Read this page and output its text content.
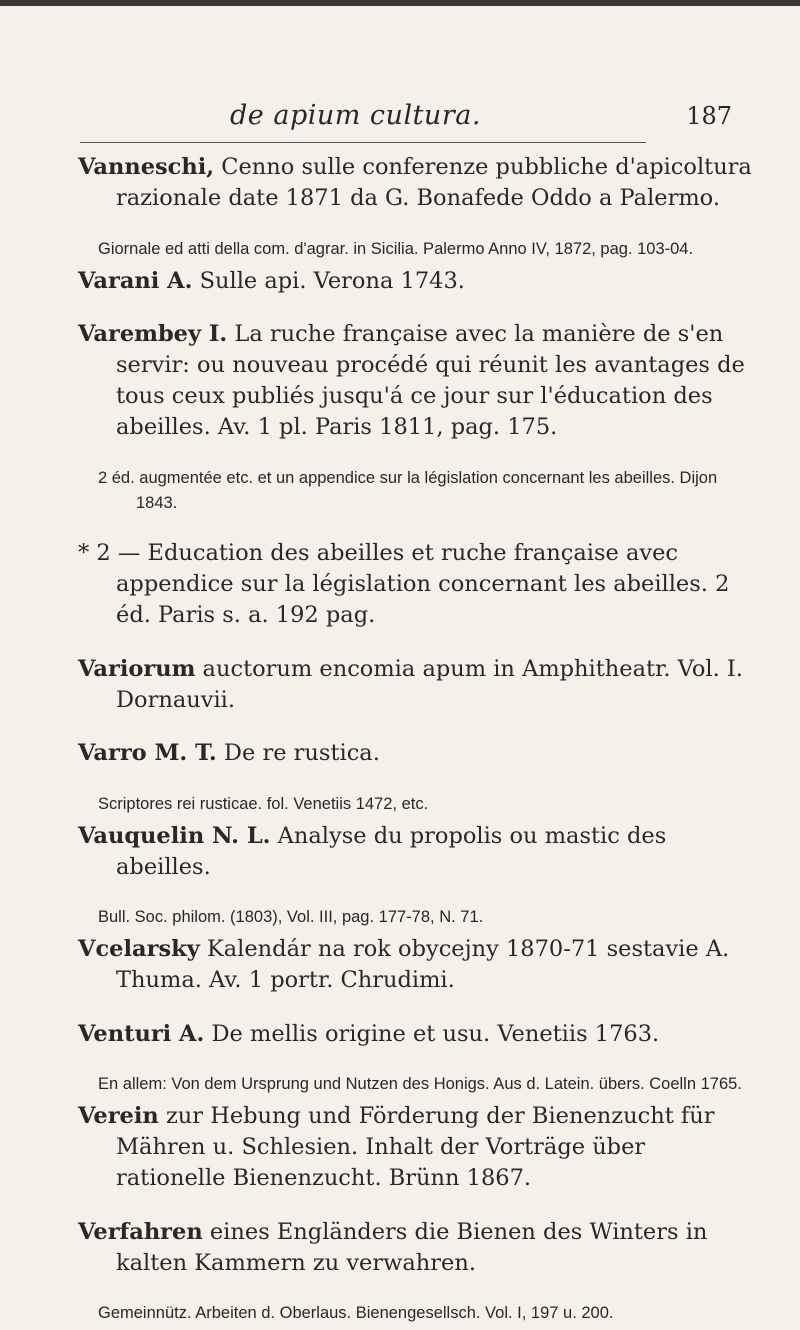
de apium cultura.	187

Vanneschi, Cenno sulle conferenze pubbliche d'apicoltura razionale date 1871 da G. Bonafede Oddo a Palermo.

Giornale ed atti della com. d'agrar. in Sicilia. Palermo Anno IV, 1872, pag. 103-04.

Varani A. Sulle api. Verona 1743.

Varembey I. La ruche française avec la manière de s'en servir: ou nouveau procédé qui réunit les avantages de tous ceux publiés jusqu'á ce jour sur l'éducation des abeilles. Av. 1 pl. Paris 1811, pag. 175.

2 éd. augmentée etc. et un appendice sur la législation concernant les abeilles. Dijon 1843.

* 2 — Education des abeilles et ruche française avec appendice sur la législation concernant les abeilles. 2 éd. Paris s. a. 192 pag.

Variorum auctorum encomia apum in Amphitheatr. Vol. I. Dornauvii.

Varro M. T. De re rustica.

Scriptores rei rusticae. fol. Venetiis 1472, etc.

Vauquelin N. L. Analyse du propolis ou mastic des abeilles.

Bull. Soc. philom. (1803), Vol. III, pag. 177-78, N. 71.

Vcelarsky Kalendár na rok obycejny 1870-71 sestavie A. Thuma. Av. 1 portr. Chrudimi.

Venturi A. De mellis origine et usu. Venetiis 1763.

En allem: Von dem Ursprung und Nutzen des Honigs. Aus d. Latein. übers. Coelln 1765.

Verein zur Hebung und Förderung der Bienenzucht für Mähren u. Schlesien. Inhalt der Vorträge über rationelle Bienenzucht. Brünn 1867.

Verfahren eines Engländers die Bienen des Winters in kalten Kammern zu verwahren.

Gemeinnütz. Arbeiten d. Oberlaus. Bienengesellsch. Vol. I, 197 u. 200.
